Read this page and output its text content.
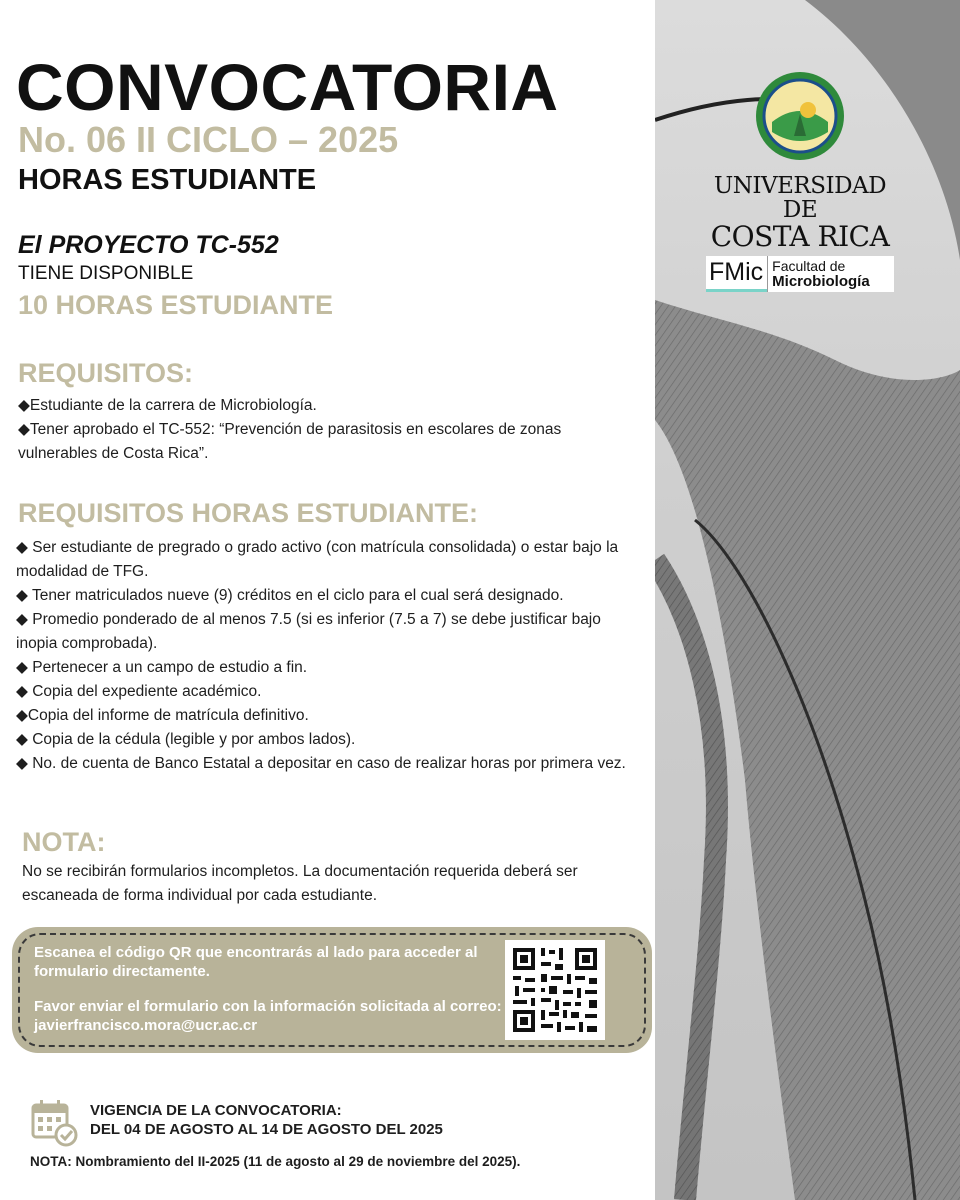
UNIVERSIDAD DE
COSTA RICA
FMic Facultad de
Microbiología
CONVOCATORIA
No. 06 II CICLO – 2025
HORAS ESTUDIANTE
El PROYECTO TC-552
TIENE DISPONIBLE
10 HORAS ESTUDIANTE
REQUISITOS:
◆Estudiante de la carrera de Microbiología.
◆Tener aprobado el TC-552: “Prevención de parasitosis en escolares de zonas vulnerables de Costa Rica”.
REQUISITOS HORAS ESTUDIANTE:
◆ Ser estudiante de pregrado o grado activo (con matrícula consolidada) o estar bajo la modalidad de TFG.
◆ Tener matriculados nueve (9) créditos en el ciclo para el cual será designado.
◆ Promedio ponderado de al menos 7.5 (si es inferior (7.5 a 7) se debe justificar bajo inopia comprobada).
◆ Pertenecer a un campo de estudio a fin.
◆ Copia del expediente académico.
◆Copia del informe de matrícula definitivo.
◆ Copia de la cédula (legible y por ambos lados).
◆ No. de cuenta de Banco Estatal a depositar en caso de realizar horas por primera vez.
NOTA:
No se recibirán formularios incompletos. La documentación requerida deberá ser escaneada de forma individual por cada estudiante.
Escanea el código QR que encontrarás al lado para acceder al formulario directamente.
Favor enviar el formulario con la información solicitada al correo: javierfrancisco.mora@ucr.ac.cr
VIGENCIA DE LA CONVOCATORIA:
DEL 04 DE AGOSTO AL 14 DE AGOSTO DEL 2025
NOTA: Nombramiento del II-2025 (11 de agosto al 29 de noviembre del 2025).
